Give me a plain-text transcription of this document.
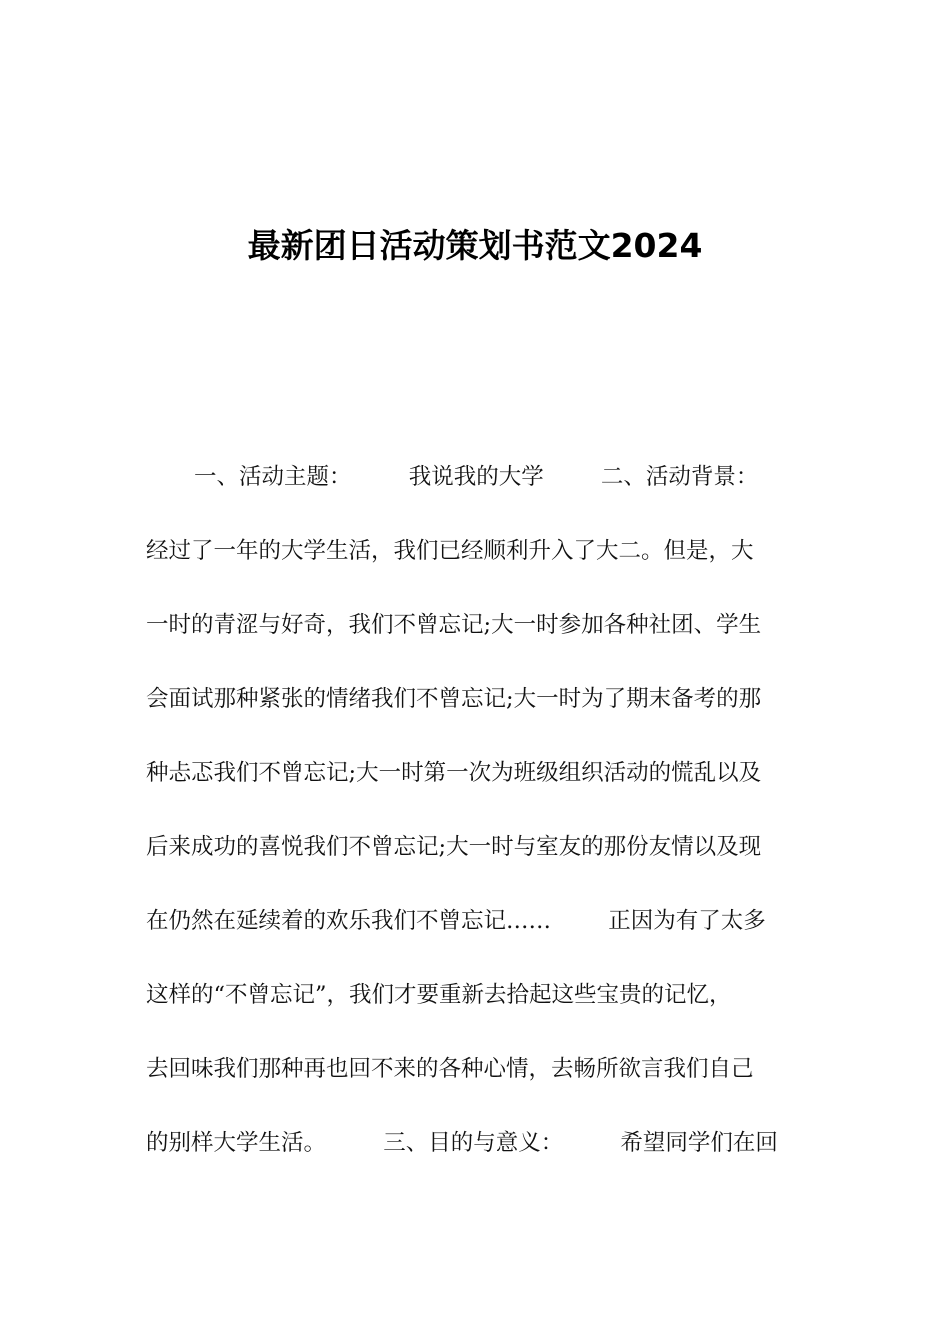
最新团日活动策划书范文2024
一、活动主题：        我说我的大学        二、活动背景：
经过了一年的大学生活，我们已经顺利升入了大二。但是，大
一时的青涩与好奇，我们不曾忘记;大一时参加各种社团、学生
会面试那种紧张的情绪我们不曾忘记;大一时为了期末备考的那
种忐忑我们不曾忘记;大一时第一次为班级组织活动的慌乱以及
后来成功的喜悦我们不曾忘记;大一时与室友的那份友情以及现
在仍然在延续着的欢乐我们不曾忘记……        正因为有了太多
这样的“不曾忘记”，我们才要重新去拾起这些宝贵的记忆，
去回味我们那种再也回不来的各种心情，去畅所欲言我们自己
的别样大学生活。        三、目的与意义：        希望同学们在回
